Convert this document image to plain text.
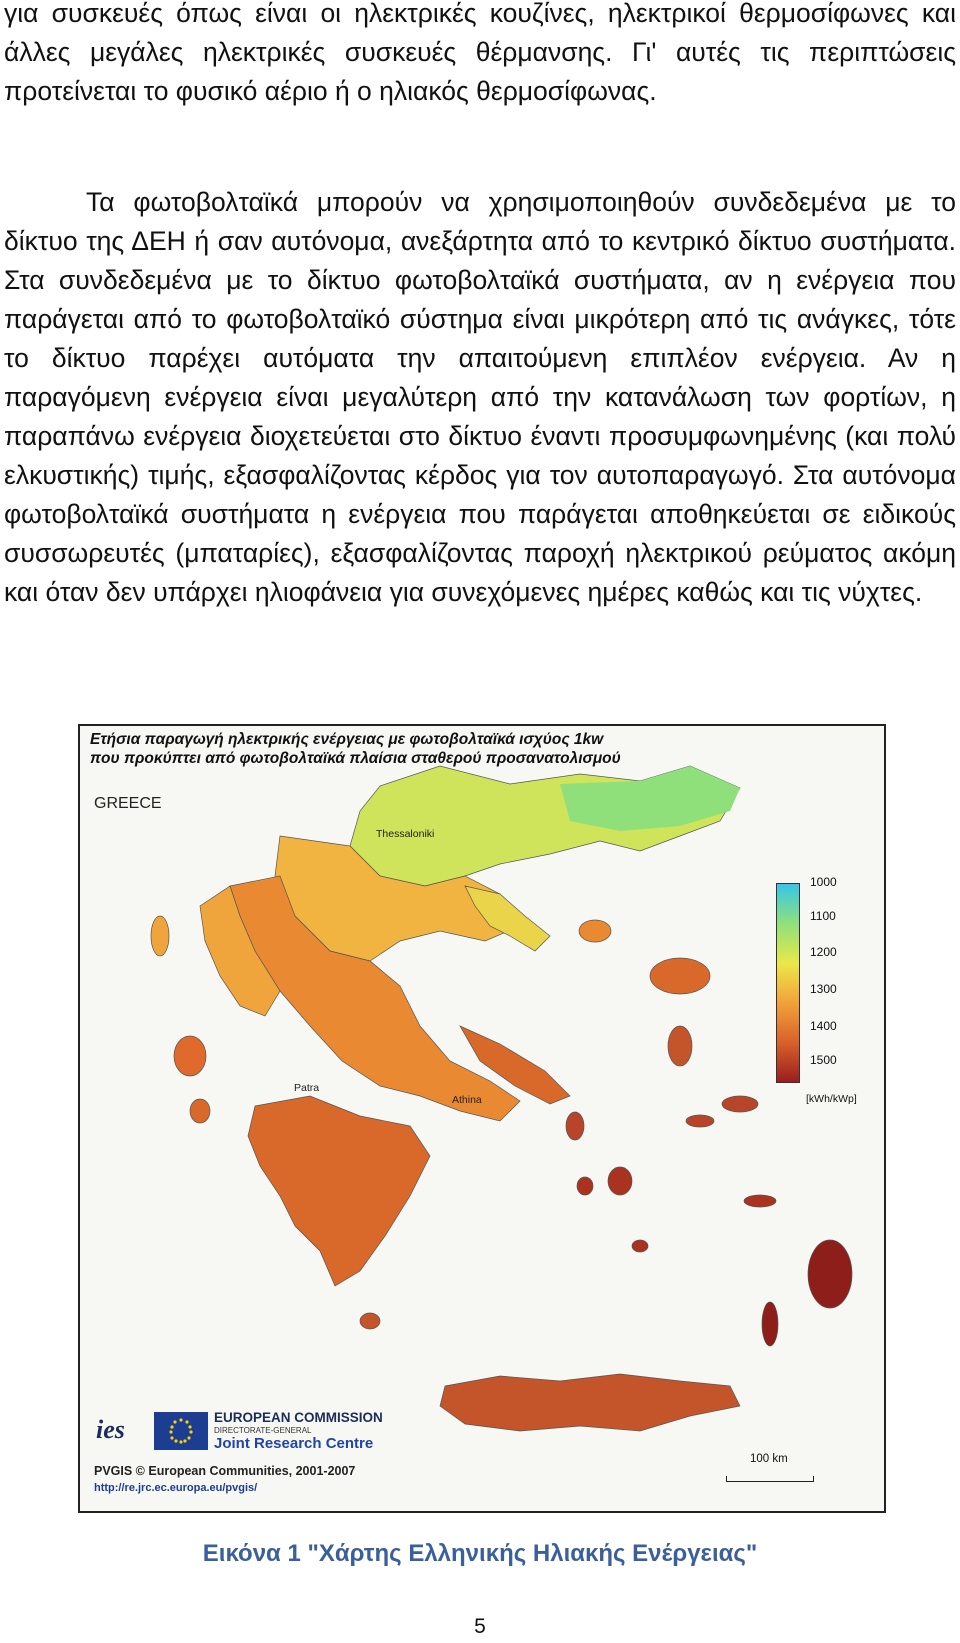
για συσκευές όπως είναι οι ηλεκτρικές κουζίνες, ηλεκτρικοί θερμοσίφωνες και άλλες μεγάλες ηλεκτρικές συσκευές θέρμανσης. Γι' αυτές τις περιπτώσεις προτείνεται το φυσικό αέριο ή ο ηλιακός θερμοσίφωνας.

Τα φωτοβολταϊκά μπορούν να χρησιμοποιηθούν συνδεδεμένα με το δίκτυο της ΔΕΗ ή σαν αυτόνομα, ανεξάρτητα από το κεντρικό δίκτυο συστήματα. Στα συνδεδεμένα με το δίκτυο φωτοβολταϊκά συστήματα, αν η ενέργεια που παράγεται από το φωτοβολταϊκό σύστημα είναι μικρότερη από τις ανάγκες, τότε το δίκτυο παρέχει αυτόματα την απαιτούμενη επιπλέον ενέργεια. Αν η παραγόμενη ενέργεια είναι μεγαλύτερη από την κατανάλωση των φορτίων, η παραπάνω ενέργεια διοχετεύεται στο δίκτυο έναντι προσυμφωνημένης (και πολύ ελκυστικής) τιμής, εξασφαλίζοντας κέρδος για τον αυτοπαραγωγό. Στα αυτόνομα φωτοβολταϊκά συστήματα η ενέργεια που παράγεται αποθηκεύεται σε ειδικούς συσσωρευτές (μπαταρίες), εξασφαλίζοντας παροχή ηλεκτρικού ρεύματος ακόμη και όταν δεν υπάρχει ηλιοφάνεια για συνεχόμενες ημέρες καθώς και τις νύχτες.

Ετήσια παραγωγή ηλεκτρικής ενέργειας με φωτοβολταϊκά ισχύος 1kw
που προκύπτει από φωτοβολταϊκά πλαίσια σταθερού προσανατολισμού
GREECE
Thessaloniki
Patra
Athina
1000
1100
1200
1300
1400
1500
[kWh/kWp]
ies	EUROPEAN COMMISSION
DIRECTORATE-GENERAL
Joint Research Centre
PVGIS © European Communities, 2001-2007
http://re.jrc.ec.europa.eu/pvgis/
100 km

Εικόνα 1 "Χάρτης Ελληνικής Ηλιακής Ενέργειας"

5
